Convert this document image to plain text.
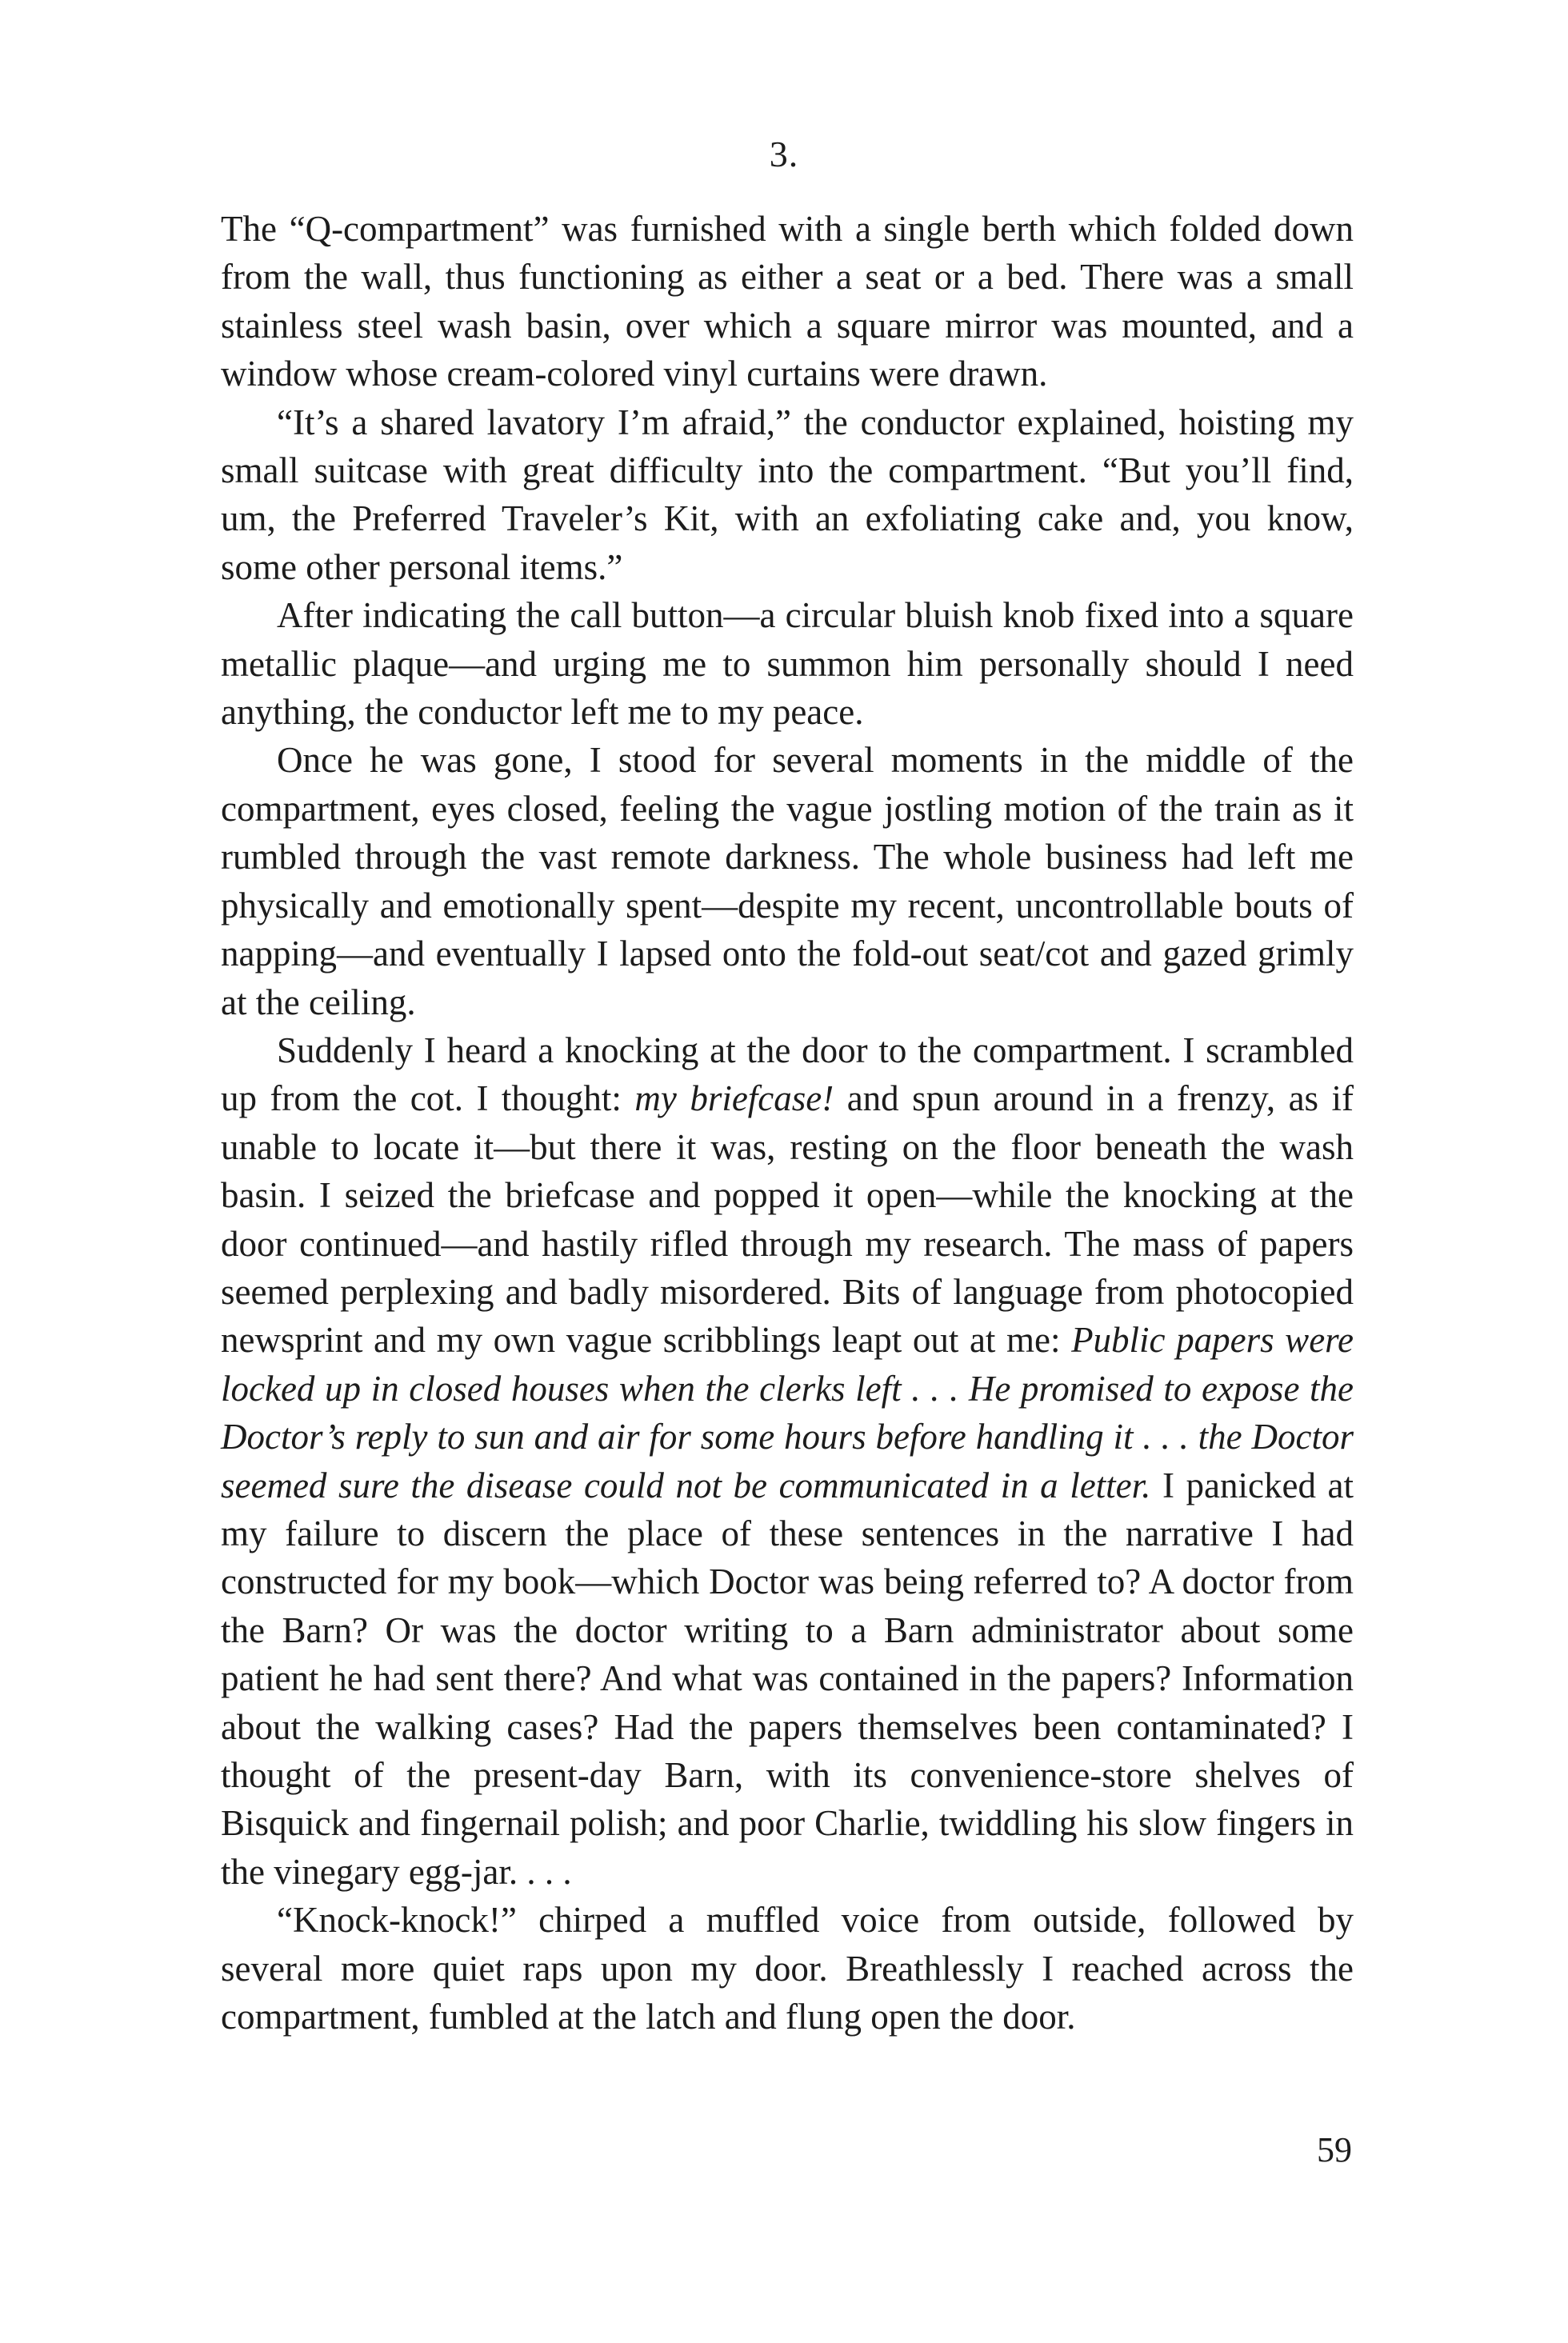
3.

The “Q-compartment” was furnished with a single berth which folded down from the wall, thus functioning as either a seat or a bed. There was a small stainless steel wash basin, over which a square mirror was mounted, and a window whose cream-colored vinyl curtains were drawn.

“It’s a shared lavatory I’m afraid,” the conductor explained, hoisting my small suitcase with great difficulty into the compartment. “But you’ll find, um, the Preferred Traveler’s Kit, with an exfoliating cake and, you know, some other personal items.”

After indicating the call button—a circular bluish knob fixed into a square metallic plaque—and urging me to summon him personally should I need anything, the conductor left me to my peace.

Once he was gone, I stood for several moments in the middle of the compartment, eyes closed, feeling the vague jostling motion of the train as it rumbled through the vast remote darkness. The whole business had left me physically and emotionally spent—despite my recent, uncontrollable bouts of napping—and eventually I lapsed onto the fold-out seat/cot and gazed grimly at the ceiling.

Suddenly I heard a knocking at the door to the compartment. I scrambled up from the cot. I thought: my briefcase! and spun around in a frenzy, as if unable to locate it—but there it was, resting on the floor beneath the wash basin. I seized the briefcase and popped it open—while the knocking at the door continued—and hastily rifled through my research. The mass of papers seemed perplexing and badly misordered. Bits of language from photocopied newsprint and my own vague scribblings leapt out at me: Public papers were locked up in closed houses when the clerks left . . . He promised to expose the Doctor’s reply to sun and air for some hours before handling it . . . the Doctor seemed sure the disease could not be communicated in a letter. I panicked at my failure to discern the place of these sentences in the narrative I had constructed for my book—which Doctor was being referred to? A doctor from the Barn? Or was the doctor writing to a Barn administrator about some patient he had sent there? And what was contained in the papers? Information about the walking cases? Had the papers themselves been contaminated? I thought of the present-day Barn, with its convenience-store shelves of Bisquick and fingernail polish; and poor Charlie, twiddling his slow fingers in the vinegary egg-jar. . . .

“Knock-knock!” chirped a muffled voice from outside, followed by several more quiet raps upon my door. Breathlessly I reached across the compartment, fumbled at the latch and flung open the door.

59
